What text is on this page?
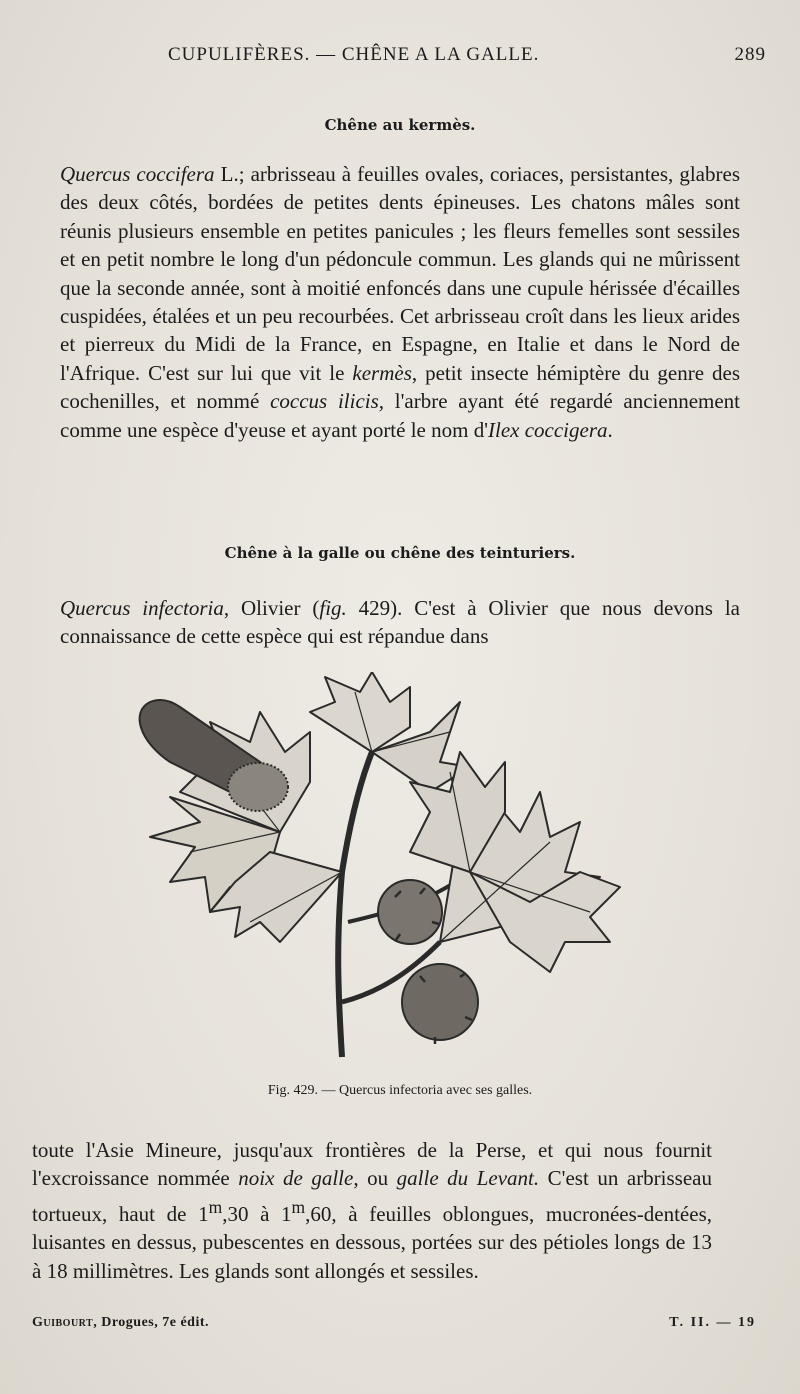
CUPULIFÈRES. — CHÊNE A LA GALLE.	289
Chêne au kermès.

Quercus coccifera L.; arbrisseau à feuilles ovales, coriaces, persistantes, glabres des deux côtés, bordées de petites dents épineuses. Les chatons mâles sont réunis plusieurs ensemble en petites panicules ; les fleurs femelles sont sessiles et en petit nombre le long d'un pédoncule commun. Les glands qui ne mûrissent que la seconde année, sont à moitié enfoncés dans une cupule hérissée d'écailles cuspidées, étalées et un peu recourbées. Cet arbrisseau croît dans les lieux arides et pierreux du Midi de la France, en Espagne, en Italie et dans le Nord de l'Afrique. C'est sur lui que vit le kermès, petit insecte hémiptère du genre des cochenilles, et nommé coccus ilicis, l'arbre ayant été regardé anciennement comme une espèce d'yeuse et ayant porté le nom d'Ilex coccigera.

Chêne à la galle ou chêne des teinturiers.

Quercus infectoria, Olivier (fig. 429). C'est à Olivier que nous devons la connaissance de cette espèce qui est répandue dans

Fig. 429. — Quercus infectoria avec ses galles.

toute l'Asie Mineure, jusqu'aux frontières de la Perse, et qui nous fournit l'excroissance nommée noix de galle, ou galle du Levant. C'est un arbrisseau tortueux, haut de 1$^m$,30 à 1$^m$,60, à feuilles oblongues, mucronées-dentées, luisantes en dessus, pubescentes en dessous, portées sur des pétioles longs de 13 à 18 millimètres. Les glands sont allongés et sessiles.

Guibourt, Drogues, 7e édit.	T. II. — 19
